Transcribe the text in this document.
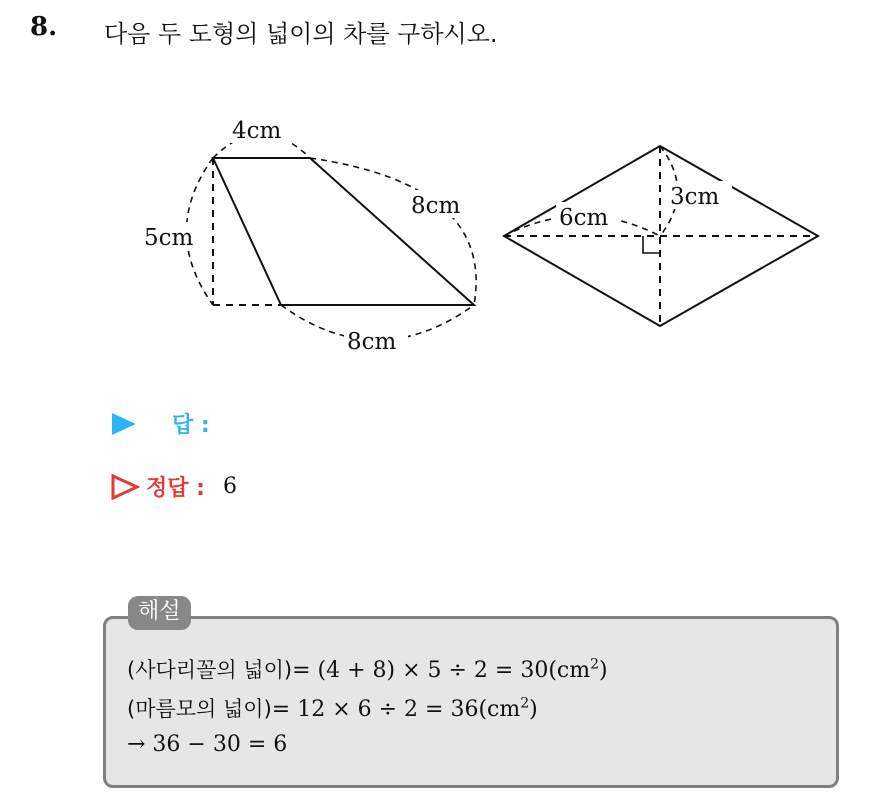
8. 다음 두 도형의 넓이의 차를 구하시오.
4cm
5cm
8cm
8cm
6cm
3cm
답 :
정답 : 6
해설
(사다리꼴의 넓이)= $(4 + 8) \times 5 \div 2 = 30(cm^2)$
(마름모의 넓이)= $12 \times 6 \div 2 = 36(cm^2)$
→ 36 − 30 = 6
